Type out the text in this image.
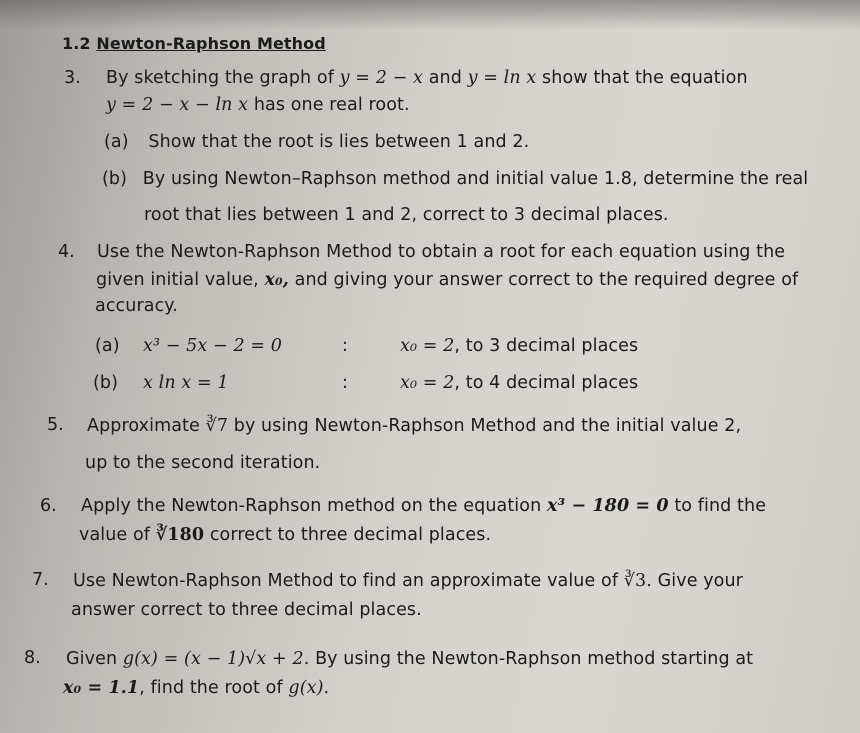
1.2 Newton-Raphson Method
3. By sketching the graph of y = 2 − x and y = ln x show that the equation
y = 2 − x − ln x has one real root.
(a) Show that the root is lies between 1 and 2.
(b) By using Newton–Raphson method and initial value 1.8, determine the real
root that lies between 1 and 2, correct to 3 decimal places.
4. Use the Newton-Raphson Method to obtain a root for each equation using the
given initial value, x₀, and giving your answer correct to the required degree of
accuracy.
(a) x³ − 5x − 2 = 0	:	x₀ = 2, to 3 decimal places
(b) x ln x = 1	:	x₀ = 2, to 4 decimal places
5. Approximate ∛7 by using Newton-Raphson Method and the initial value 2,
up to the second iteration.
6. Apply the Newton-Raphson method on the equation x³ − 180 = 0 to find the
value of ∛180 correct to three decimal places.
7. Use Newton-Raphson Method to find an approximate value of ∛3. Give your
answer correct to three decimal places.
8. Given g(x) = (x − 1)√x + 2. By using the Newton-Raphson method starting at
x₀ = 1.1, find the root of g(x).
